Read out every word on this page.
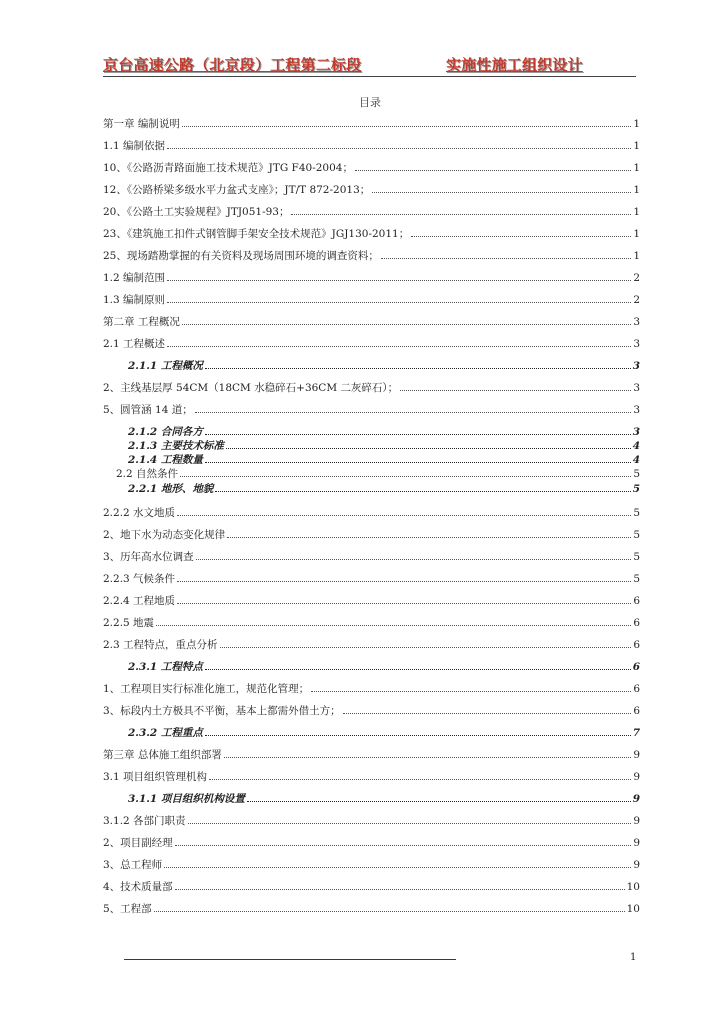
京台高速公路（北京段）工程第二标段	实施性施工组织设计
目录
第一章 编制说明	1
1.1 编制依据	1
10、《公路沥青路面施工技术规范》JTG F40-2004；	1
12、《公路桥梁多级水平力盆式支座》；JT/T 872-2013；	1
20、《公路土工实验规程》JTJ051-93；	1
23、《建筑施工扣件式钢管脚手架安全技术规范》JGJ130-2011；	1
25、现场踏勘掌握的有关资料及现场周围环境的调查资料；	1
1.2 编制范围	2
1.3 编制原则	2
第二章 工程概况	3
2.1 工程概述	3
2.1.1 工程概况	3
2、主线基层厚 54CM（18CM 水稳碎石+36CM 二灰碎石）；	3
5、圆管涵 14 道；	3
2.1.2 合同各方	3
2.1.3 主要技术标准	4
2.1.4 工程数量	4
2.2 自然条件	5
2.2.1 地形、地貌	5
2.2.2 水文地质	5
2、地下水为动态变化规律	5
3、历年高水位调查	5
2.2.3 气候条件	5
2.2.4 工程地质	6
2.2.5 地震	6
2.3 工程特点，重点分析	6
2.3.1 工程特点	6
1、工程项目实行标准化施工，规范化管理；	6
3、标段内土方极具不平衡，基本上都需外借土方；	6
2.3.2 工程重点	7
第三章 总体施工组织部署	9
3.1 项目组织管理机构	9
3.1.1 项目组织机构设置	9
3.1.2 各部门职责	9
2、项目副经理	9
3、总工程师	9
4、技术质量部	10
5、工程部	10
1
